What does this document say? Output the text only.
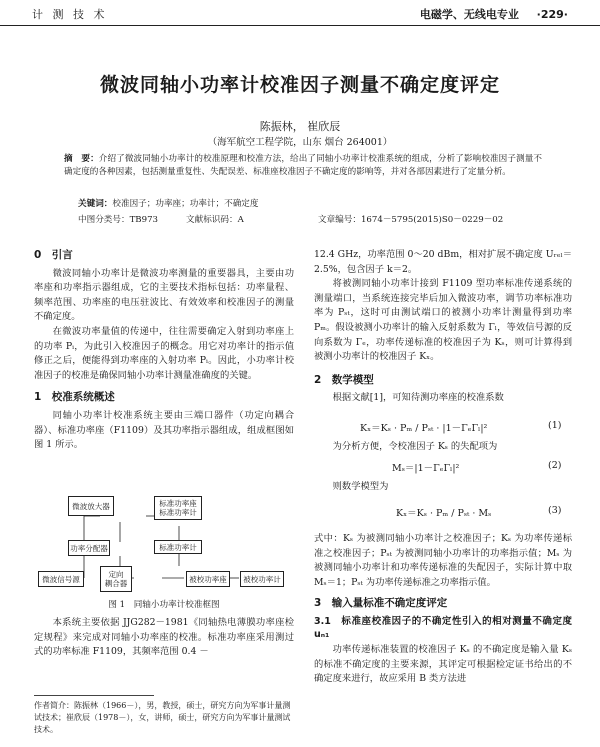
计 测 技 术	电磁学、无线电专业 ·229·
微波同轴小功率计校准因子测量不确定度评定
陈振林， 崔欣辰
（海军航空工程学院，山东 烟台 264001）
摘　要：介绍了微波同轴小功率计的校准原理和校准方法，给出了同轴小功率计校准系统的组成，分析了影响校准因子测量不确定度的各种因素，包括测量重复性、失配误差、标准座校准因子不确定度的影响等，并对各部因素进行了定量分析。
关键词：校准因子；功率座；功率计；不确定度
中图分类号：TB973	文献标识码：A	文章编号：1674－5795(2015)S0－0229－02
0　引言

微波同轴小功率计是微波功率测量的重要器具，主要由功率座和功率指示器组成，它的主要技术指标包括：功率量程、频率范围、功率座的电压驻波比、有效效率和校准因子的测量不确定度。

在微波功率量值的传递中，往往需要确定入射到功率座上的功率 Pᵢ，为此引入校准因子的概念。用它对功率计的指示值修正之后，便能得到功率座的入射功率 Pᵢ。因此，小功率计校准因子的校准是确保同轴小功率计测量准确度的关键。

1　校准系统概述

同轴小功率计校准系统主要由三端口器件（功定向耦合器）、标准功率座（F1109）及其功率指示器组成，组成框图如图 1 所示。

微波放大器	标准功率座
标准功率计
标准功率计
功率分配器
微波信号源
定向
耦合器	被校功率座	被校功率计
图 1　同轴小功率计校准框图

本系统主要依据 JJG282－1981《同轴热电薄膜功率座检定规程》来完成对同轴小功率座的校准。标准功率座采用测过式的功率标准 F1109，其频率范围 0.4 －

作者简介：陈振林（1966－），男，教授，硕士，研究方向为军事计量测试技术；崔欣辰（1978－），女，讲师，硕士，研究方向为军事计量测试技术。

12.4 GHz，功率范围 0～20 dBm，相对扩展不确定度 Uᵣₑₗ＝2.5%，包含因子 k＝2。

将被测同轴小功率计接到 F1109 型功率标准传递系统的测量端口，当系统连接完毕后加入微波功率，调节功率标准功率为 Pₛₜ，这时可由测试端口的被测小功率计测量得到功率 Pₘ。假设被测小功率计的输入反射系数为 Γₗ，等效信号源的反向系数为 Γₑ，功率传递标准的校准因子为 Kₛ，则可计算得到被测小功率计的校准因子 Kₓ。

2　数学模型

根据文献[1]，可知待测功率座的校准系数

Kₓ＝Kₛ · Pₘ / Pₛₜ · |1－ΓₑΓₗ|²	(1)

为分析方便，令校准因子 Kₛ 的失配项为

Mₛ＝|1－ΓₑΓₗ|²	(2)

则数学模型为

Kₓ＝Kₛ · Pₘ / Pₛₜ · Mₛ	(3)

式中：Kₛ 为被测同轴小功率计之校准因子；Kₛ 为功率传递标准之校准因子；Pₛₜ 为被测同轴小功率计的功率指示值；Mₛ 为被测同轴小功率计和功率传递标准的失配因子，实际计算中取 Mₛ＝1；Pₛₜ 为功率传递标准之功率指示值。

3　输入量标准不确定度评定
3.1　标准座校准因子的不确定性引入的相对测量不确定度 uₙ₁

功率传递标准装置的校准因子 Kₛ 的不确定度是输入量 Kₛ 的标准不确定度的主要来源，其评定可根据检定证书给出的不确定度来进行，故应采用 B 类方法进
